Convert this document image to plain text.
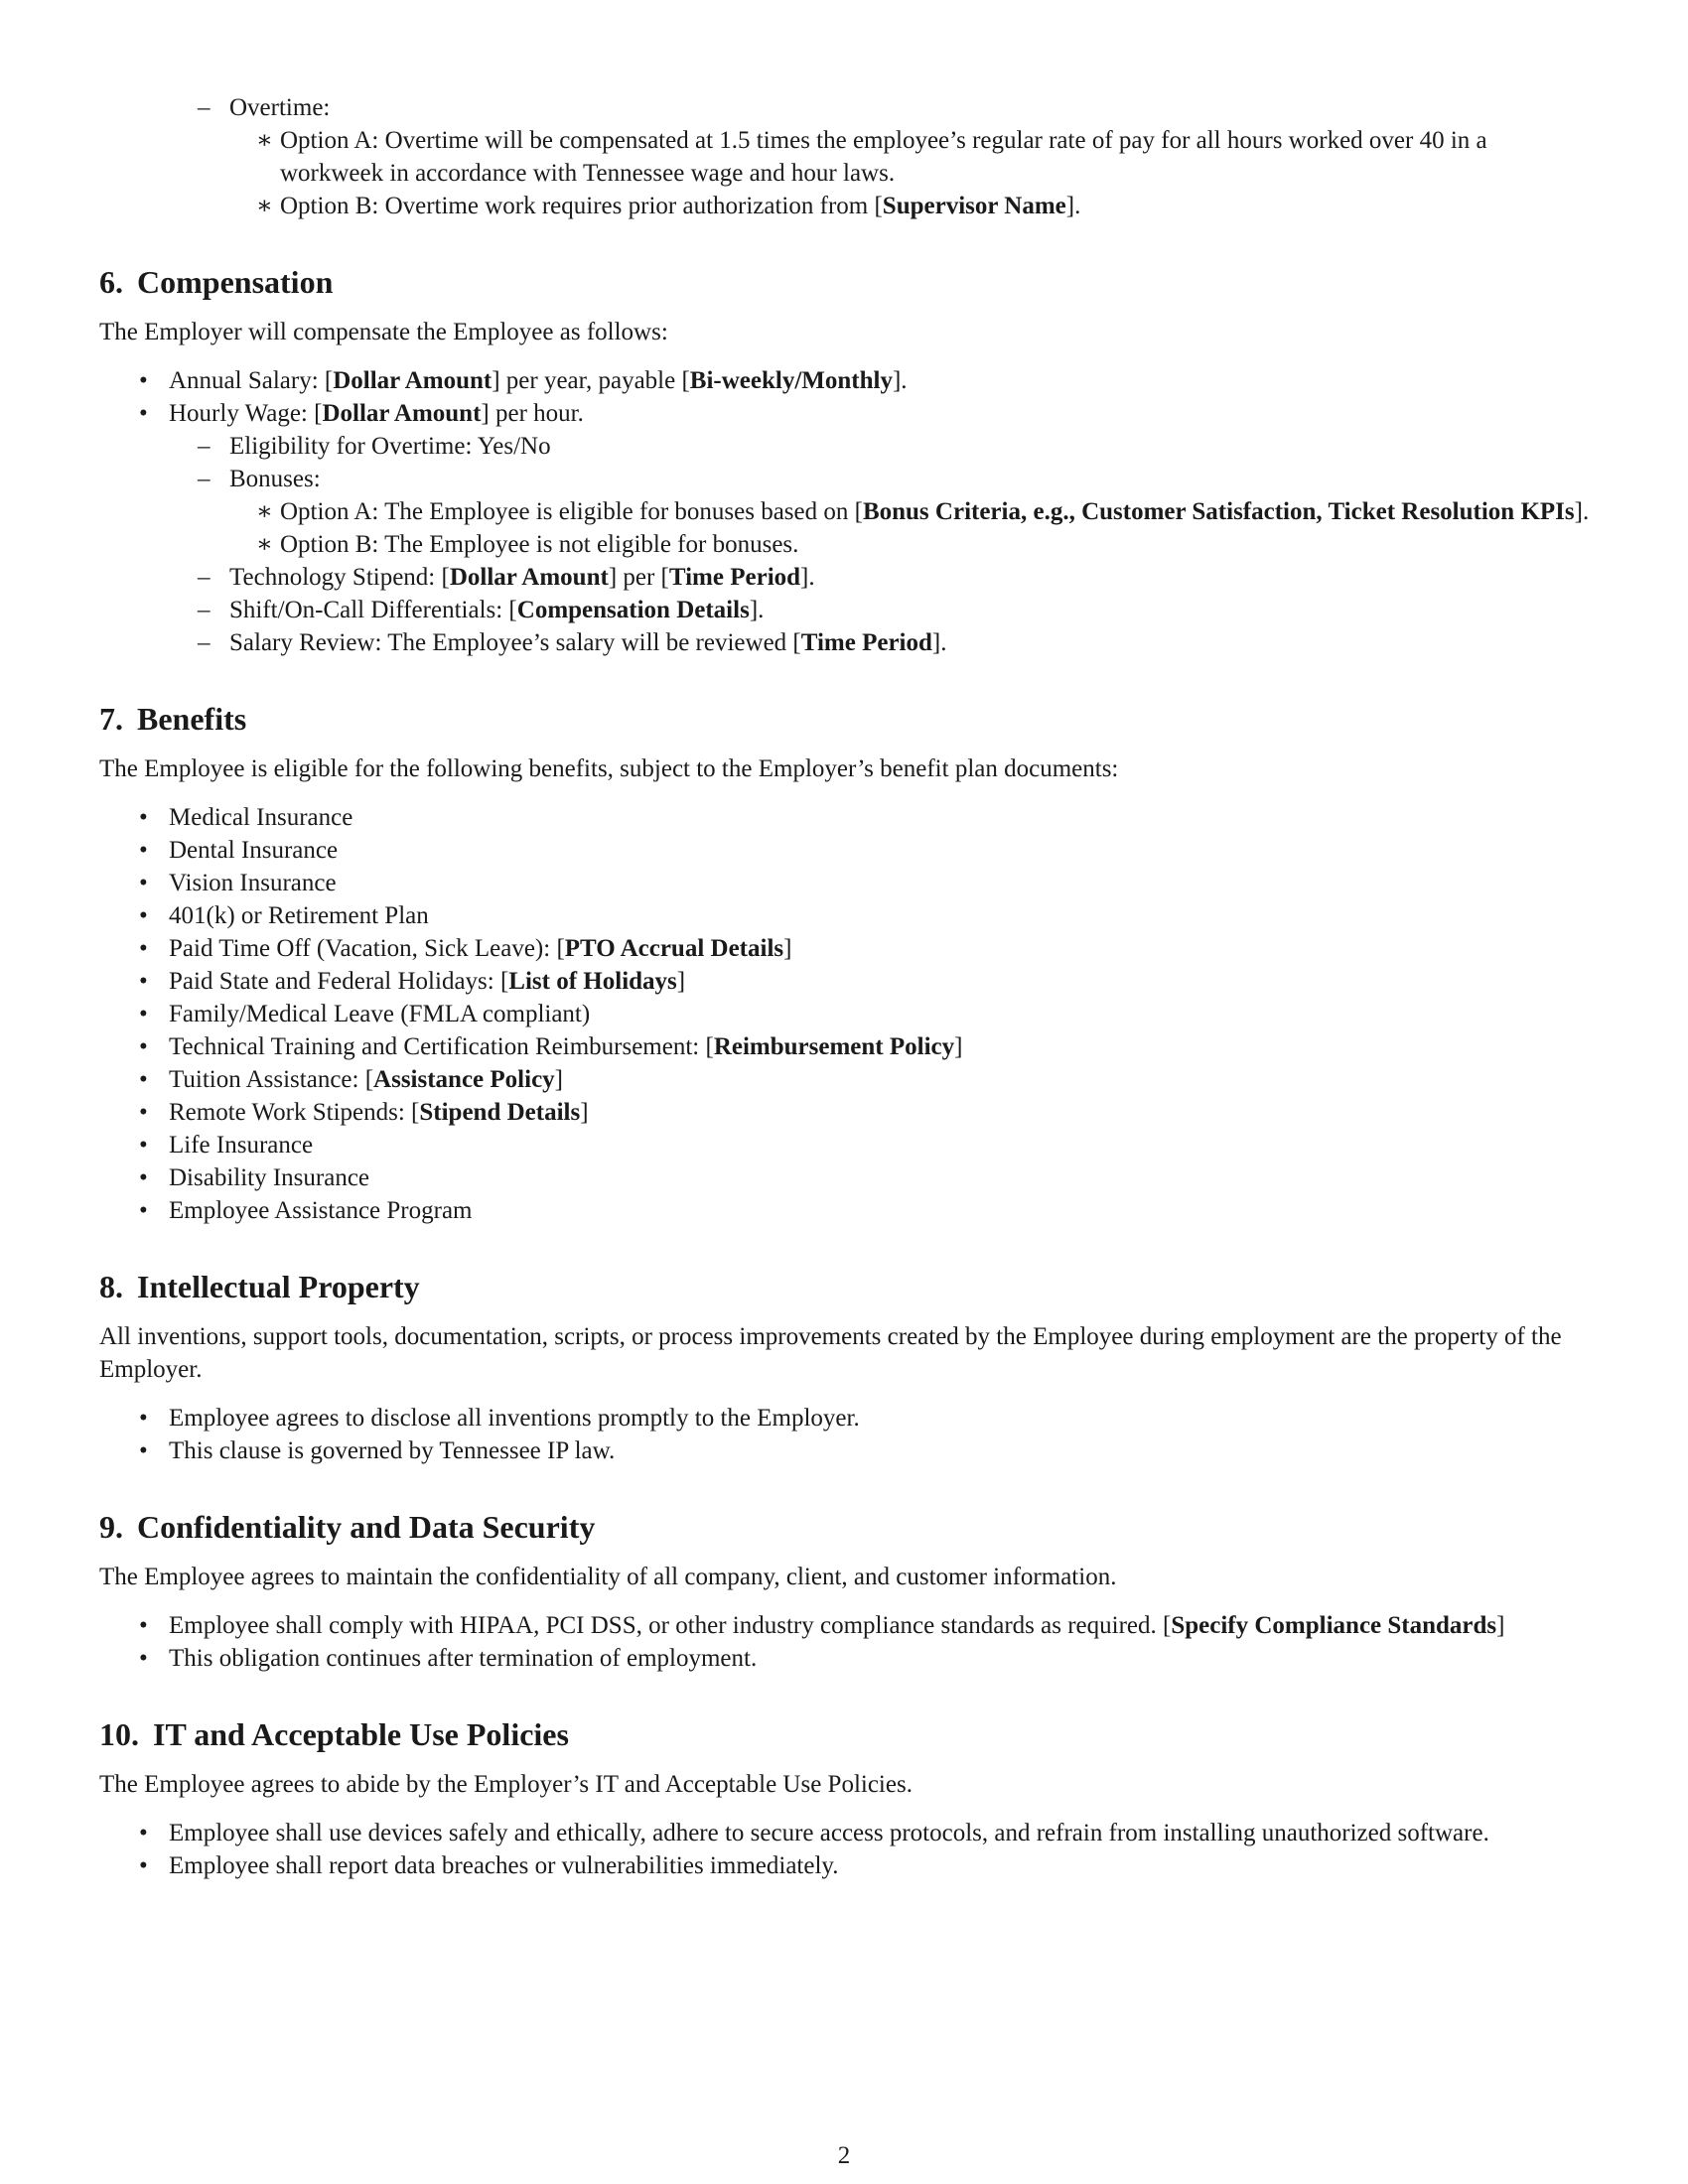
– Overtime:
∗ Option A: Overtime will be compensated at 1.5 times the employee’s regular rate of pay for all hours worked over 40 in a workweek in accordance with Tennessee wage and hour laws.
∗ Option B: Overtime work requires prior authorization from [Supervisor Name].
6. Compensation

The Employer will compensate the Employee as follows:

• Annual Salary: [Dollar Amount] per year, payable [Bi-weekly/Monthly].
• Hourly Wage: [Dollar Amount] per hour.
– Eligibility for Overtime: Yes/No
– Bonuses:
∗ Option A: The Employee is eligible for bonuses based on [Bonus Criteria, e.g., Customer Satisfaction, Ticket Resolution KPIs].
∗ Option B: The Employee is not eligible for bonuses.
– Technology Stipend: [Dollar Amount] per [Time Period].
– Shift/On-Call Differentials: [Compensation Details].
– Salary Review: The Employee’s salary will be reviewed [Time Period].
7. Benefits

The Employee is eligible for the following benefits, subject to the Employer’s benefit plan documents:

• Medical Insurance
• Dental Insurance
• Vision Insurance
• 401(k) or Retirement Plan
• Paid Time Off (Vacation, Sick Leave): [PTO Accrual Details]
• Paid State and Federal Holidays: [List of Holidays]
• Family/Medical Leave (FMLA compliant)
• Technical Training and Certification Reimbursement: [Reimbursement Policy]
• Tuition Assistance: [Assistance Policy]
• Remote Work Stipends: [Stipend Details]
• Life Insurance
• Disability Insurance
• Employee Assistance Program
8. Intellectual Property

All inventions, support tools, documentation, scripts, or process improvements created by the Employee during employment are the property of the Employer.

• Employee agrees to disclose all inventions promptly to the Employer.
• This clause is governed by Tennessee IP law.
9. Confidentiality and Data Security

The Employee agrees to maintain the confidentiality of all company, client, and customer information.

• Employee shall comply with HIPAA, PCI DSS, or other industry compliance standards as required. [Specify Compliance Standards]
• This obligation continues after termination of employment.
10. IT and Acceptable Use Policies

The Employee agrees to abide by the Employer’s IT and Acceptable Use Policies.

• Employee shall use devices safely and ethically, adhere to secure access protocols, and refrain from installing unauthorized software.
• Employee shall report data breaches or vulnerabilities immediately.
2
